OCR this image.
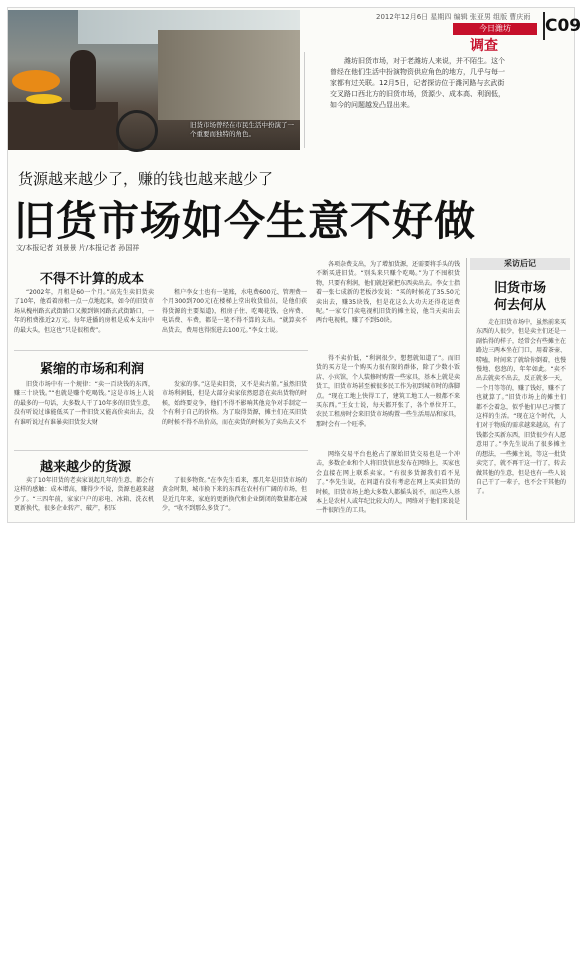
2012年12月6日 星期四 编辑 张亚男 组版 曹庆雨
今日潍坊
调查
C09
旧货市场曾经在市民生活中扮演了一个重要而独特的角色。
潍坊旧货市场，对于老潍坊人来说，并不陌生。这个曾经在他们生活中扮演物资供应角色的地方，几乎与每一家都有过关联。12月5日，记者探访位于潍河路与玄武街交叉路口西北方的旧货市场，货源少、成本高、利润低，如今的问题越发凸显出来。
货源越来越少了，赚的钱也越来越少了
旧货市场如今生意不好做
文/本报记者 刘景景 片/本报记者 孙国祥
不得不计算的成本
“2002年，月租是60一个月。”高先生卖旧货卖了10年，他看着房租一点一点地起来，如今的旧货市场从槐州路玄武街路口又搬到镇冈路玄武街路口，一年的租费涨近2万元。每年进播的房租是成本支出中的最大头，但这也“只是很租费”。
租户李女士也有一笔账，水电费600元、管理费一个月300到700元(在楼梯上堂出收货值员，是他们获得货源的主要渠道)，租房子住、吃喝花钱、仓库费、电话费、车费，都是一笔不得不算的支出。“就算卖不出货去，费用也得照进去100元。”李女士说。
紧缩的市场和利润
旧货市场中有一个规律：“卖一百块钱的东西，赚三十块钱。”“也就是赚个吃喝钱。”这是市场上人说的最多的一句话，大多数人干了10年多的旧货生意，没有听说过谁能低买了一件旧货又能高价卖出去，没有谁听说过有谁暴卖旧货发大财
发家的事。”这是卖旧货，又不是卖古董。”虽然旧货市场利润低，但是大部分卖家依然愿意在卖出货物的时候，始终要竞争，他们不得不影响其他竞争对手制定一个有利于自己的价格。为了取得货源，摊主们在买旧货的时候不得不出价高，而在卖货的时候为了卖出去又不
越来越少的货源
卖了10年旧货的老卖家说起几年的生意，都会有这样的感触：成本增高，赚得少不说，货源也越来越少了。“三四年前，家家户户的彩电、冰箱、洗衣机更新换代，很多企业转产、破产，积压
了很多物资。”在李先生看来，那几年是旧货市场的黄金时期，城市换下来的东西在农村有广阔的市场，但是近几年来，家庭的更新换代和企业倒闭的数量都在减少，“收不到那么多货了”。
各项杂费支出，为了增加货源，还需要将手头的钱不断买进旧货。“别头来只赚个吃喝。”为了不囤积货物，只要有利润，他们就赶紧把东西卖出去。李女士指着一张七成新的老板沙发说：“买的时候花了35.50元卖出去，赚35块钱，但是花这么大功夫还得花运费呢。”一家专门卖电视机旧货的摊主说，他当天卖出去两台电视机，赚了不到50块。
得不卖价低，“利润很少，想想就知道了”。而旧货的买方是一个购买力很有限的群体，除了少数小饭店、小宾馆，个人装修时购置一些家具，基本上就是卖货工，旧货市场甚至被很多民工作为初到城市时的落脚点。“现在工地上快得工了，建筑工地工人一般都不来买东西。”王女士说，每天都开张了，各个单位开工，农民工租房时会来旧货市场购置一些生活用品和家具，那时会有一个旺季。
网络交易平台也抢占了原始旧货交易也是一个冲击，多数企业和个人将旧货信息发布在网络上，买家也会直接在网上联系卖家。“有很多货源我们看不见了。”李先生说，在问道有没有考虑在网上买卖旧货的时候，旧货市场上绝大多数人都摇头说不，而这些人基本上是农村人或年纪比较大的人，网络对于他们来说是一件很陌生的工具。
采访后记
旧货市场
何去何从
走在旧货市场中，虽然前来买东西的人很少，但是卖主们还是一副怡得的样子，经常会有些摊主在路边三两本坐在门口，用着茶壶、唠嗑，时间来了就给你倒着，也慢慢地、悠悠的，年年如此。“卖不出去就卖不出去，反正就多一天，一个月等等的，赚了钱好，赚不了也就算了。”旧货市场上的摊主们都不会着急，似乎他们早已习惯了这样的生活。“现在这个时代，人们对于物质的需求越来越高，有了钱都会买新东西，旧货很少有人愿意用了。”李先生说出了很多摊主的想法，一些摊主说，等这一批货卖完了，就不再干这一行了，转去做其他的生意，但是也有一些人说自己干了一辈子，也不会干其他的了。
